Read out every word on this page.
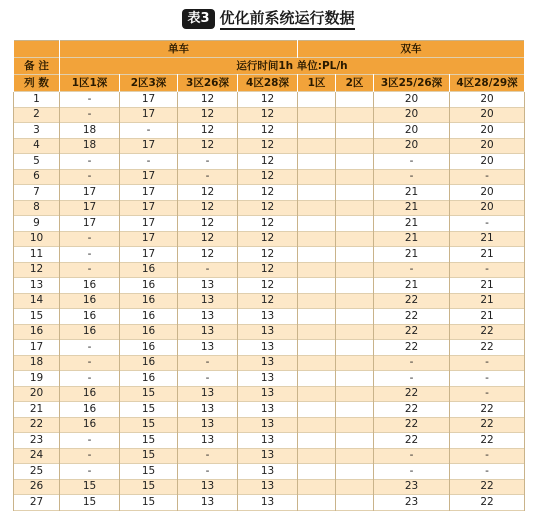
表3 优化前系统运行数据
	单车				双车			
备 注	运行时间1h 单位:PL/h							
列 数	1区1深	2区3深	3区26深	4区28深	1区	2区	3区25/26深	4区28/29深
1	-	17	12	12			20	20
2	-	17	12	12			20	20
3	18	-	12	12			20	20
4	18	17	12	12			20	20
5	-	-	-	12			-	20
6	-	17	-	12			-	-
7	17	17	12	12			21	20
8	17	17	12	12			21	20
9	17	17	12	12			21	-
10	-	17	12	12			21	21
11	-	17	12	12			21	21
12	-	16	-	12			-	-
13	16	16	13	12			21	21
14	16	16	13	12			22	21
15	16	16	13	13			22	21
16	16	16	13	13			22	22
17	-	16	13	13			22	22
18	-	16	-	13			-	-
19	-	16	-	13			-	-
20	16	15	13	13			22	-
21	16	15	13	13			22	22
22	16	15	13	13			22	22
23	-	15	13	13			22	22
24	-	15	-	13			-	-
25	-	15	-	13			-	-
26	15	15	13	13			23	22
27	15	15	13	13			23	22
